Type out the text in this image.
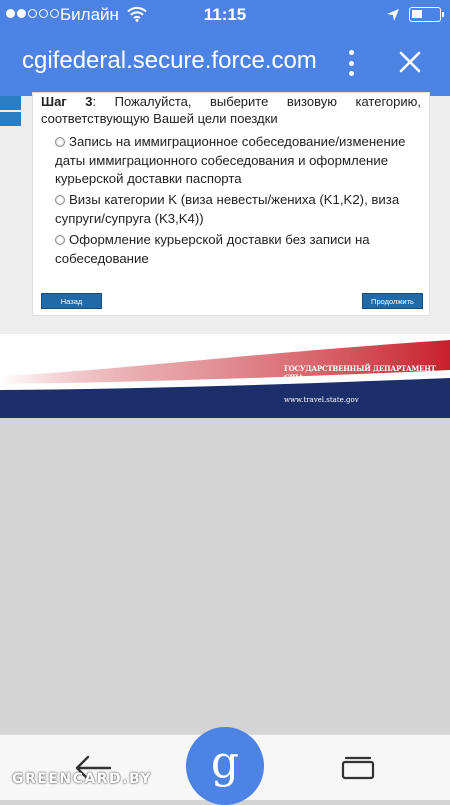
Билайн	11:15
cgifederal.secure.force.com

Шаг 3: Пожалуйста, выберите визовую категорию, соответствующую Вашей цели поездки

Запись на иммиграционное собеседование/изменение даты иммиграционного собеседования и оформление курьерской доставки паспорта
Визы категории K (виза невесты/жениха (K1,K2), виза супруги/супруга (K3,K4))
Оформление курьерской доставки без записи на собеседование
Назад	Продолжить
ГОСУДАРСТВЕННЫЙ ДЕПАРТАМЕНТ США
www.travel.state.gov
g
GREENCARD.BY
